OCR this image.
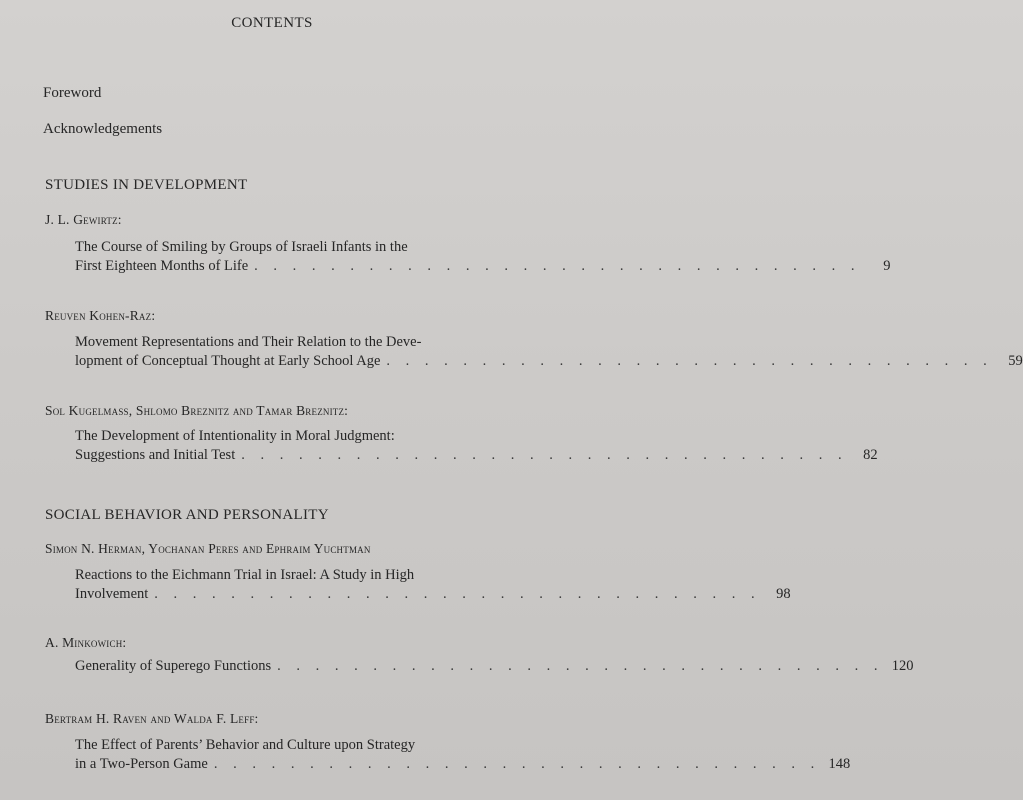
CONTENTS
Foreword
Acknowledgements
STUDIES IN DEVELOPMENT
J. L. Gewirtz:
The Course of Smiling by Groups of Israeli Infants in the
First Eighteen Months of Life . . . . . . . . . . . . . . . . . . . . . . . . . . . . . . . .	9
Reuven Kohen-Raz:
Movement Representations and Their Relation to the Deve-
lopment of Conceptual Thought at Early School Age . . . . . . . . . . . . . . . . . . . . . . . . . . . . . . . .	59
Sol Kugelmass, Shlomo Breznitz and Tamar Breznitz:
The Development of Intentionality in Moral Judgment:
Suggestions and Initial Test . . . . . . . . . . . . . . . . . . . . . . . . . . . . . . . .	82
SOCIAL BEHAVIOR AND PERSONALITY
Simon N. Herman, Yochanan Peres and Ephraim Yuchtman
Reactions to the Eichmann Trial in Israel: A Study in High
Involvement . . . . . . . . . . . . . . . . . . . . . . . . . . . . . . . .	98
A. Minkowich:
Generality of Superego Functions . . . . . . . . . . . . . . . . . . . . . . . . . . . . . . . . 120
Bertram H. Raven and Walda F. Leff:
The Effect of Parents’ Behavior and Culture upon Strategy
in a Two-Person Game . . . . . . . . . . . . . . . . . . . . . . . . . . . . . . . . 148
